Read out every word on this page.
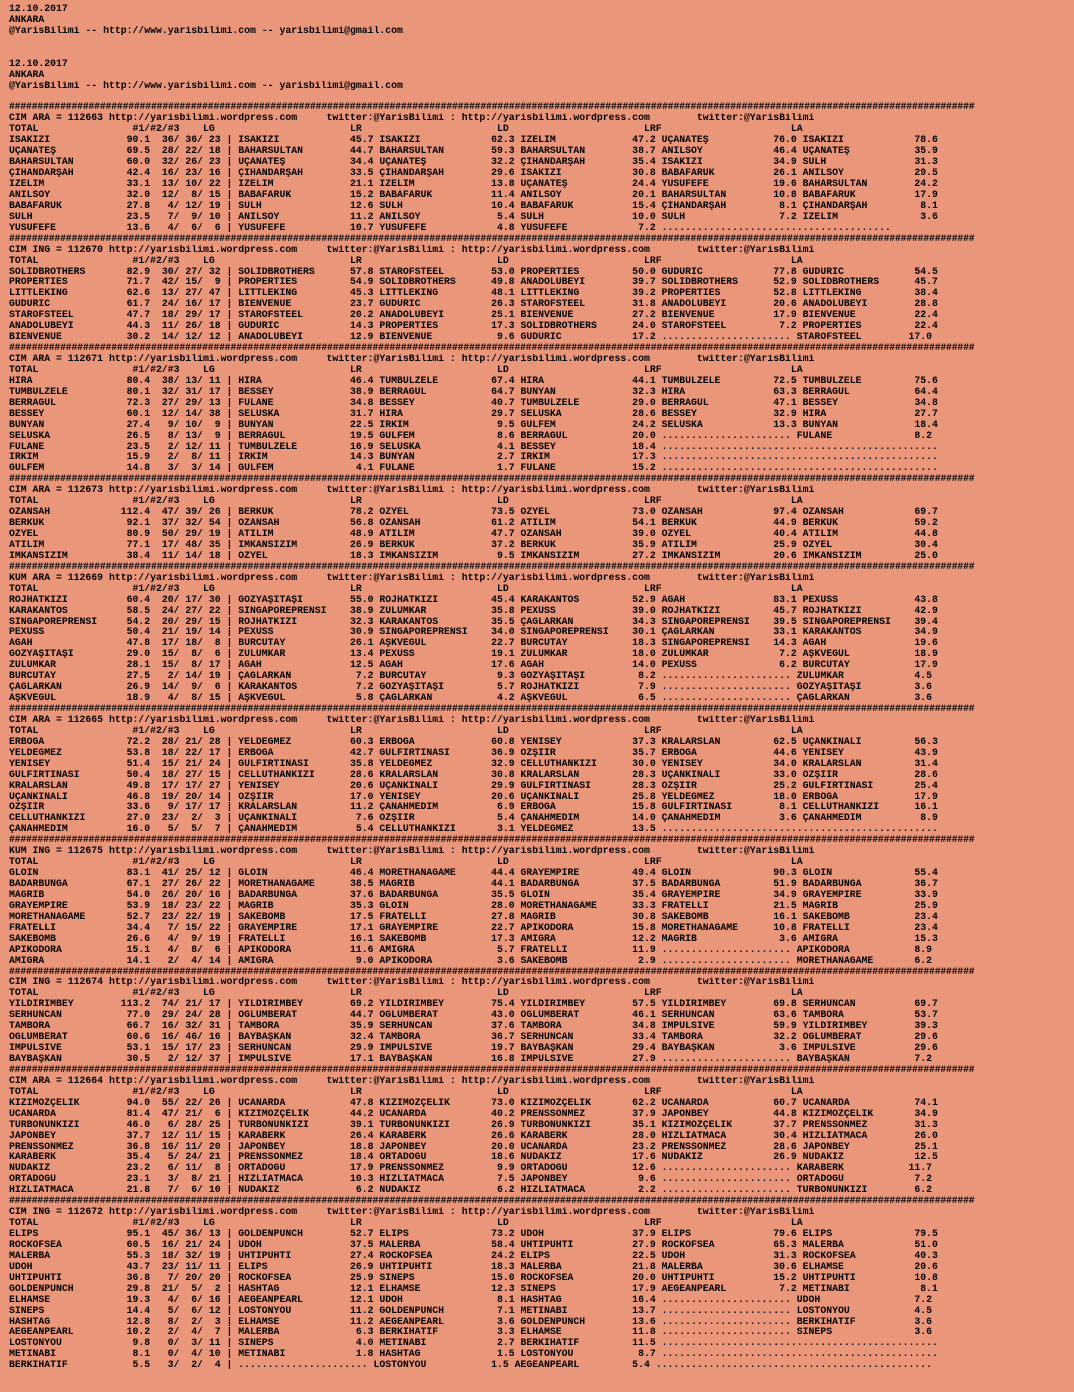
12.10.2017
ANKARA
@YarisBilimi -- http://www.yarisbilimi.com -- yarisbilimi@gmail.com
12.10.2017
ANKARA
@YarisBilimi -- http://www.yarisbilimi.com -- yarisbilimi@gmail.com
##########################################################################################################################################################################
CIM ARA = 112663 http://yarisbilimi.wordpress.com     twitter:@YarisBilimi : http://yarisbilimi.wordpress.com        twitter:@YarisBilimi
TOTAL                #1/#2/#3    LG                       LR                       LD                       LRF                      LA
İSAKIZI             90.1  36/ 36/ 23 | İSAKIZI            45.7 İSAKIZI            62.3 İZELİM             47.2 UÇANATEŞ           76.0 İSAKIZI            78.6
UÇANATEŞ            69.5  28/ 22/ 18 | BAHARSULTAN        44.7 BAHARSULTAN        59.3 BAHARSULTAN        38.7 ANILSOY            46.4 UÇANATEŞ           35.9
BAHARSULTAN         60.0  32/ 26/ 23 | UÇANATEŞ           34.4 UÇANATEŞ           32.2 ÇİHANDARŞAH        35.4 İSAKIZI            34.9 SULH               31.3
ÇİHANDARŞAH         42.4  16/ 23/ 16 | ÇİHANDARŞAH        33.5 ÇİHANDARŞAH        29.6 İSAKIZI            30.8 BABAFARUK          26.1 ANILSOY            29.5
İZELİM              33.1  13/ 10/ 22 | İZELİM             21.1 İZELİM             13.8 UÇANATEŞ           24.4 YUSUFEFE           19.6 BAHARSULTAN        24.2
ANILSOY             32.0  12/  8/ 15 | BABAFARUK          15.2 BABAFARUK          11.4 ANILSOY            20.1 BAHARSULTAN        10.8 BABAFARUK          17.9
BABAFARUK           27.8   4/ 12/ 19 | SULH               12.6 SULH               10.4 BABAFARUK          15.4 ÇİHANDARŞAH         8.1 ÇİHANDARŞAH         8.1
SULH                23.5   7/  9/ 10 | ANILSOY            11.2 ANILSOY             5.4 SULH               10.0 SULH                7.2 İZELİM              3.6
YUSUFEFE            13.6   4/  6/  6 | YUSUFEFE           10.7 YUSUFEFE            4.8 YUSUFEFE            7.2 .......................................
##########################################################################################################################################################################
CIM ING = 112670 http://yarisbilimi.wordpress.com     twitter:@YarisBilimi : http://yarisbilimi.wordpress.com        twitter:@YarisBilimi
TOTAL                #1/#2/#3    LG                       LR                       LD                       LRF                      LA
SOLIDBROTHERS       82.9  30/ 27/ 32 | SOLIDBROTHERS      57.8 STAROFSTEEL        53.0 PROPERTIES         50.0 GUDURIC            77.8 GUDURIC            54.5
PROPERTIES          71.7  42/ 15/  9 | PROPERTIES         54.9 SOLIDBROTHERS      49.8 ANADOLUBEYİ        39.7 SOLIDBROTHERS      52.9 SOLIDBROTHERS      45.7
LITTLEKING          62.6  13/ 27/ 47 | LITTLEKING         45.3 LITTLEKING         48.1 LITTLEKING         39.2 PROPERTIES         52.8 LITTLEKING         38.4
GUDURIC             61.7  24/ 16/ 17 | BIENVENUE          23.7 GUDURIC            26.3 STAROFSTEEL        31.8 ANADOLUBEYİ        20.6 ANADOLUBEYİ        28.8
STAROFSTEEL         47.7  18/ 29/ 17 | STAROFSTEEL        20.2 ANADOLUBEYİ        25.1 BIENVENUE          27.2 BIENVENUE          17.9 BIENVENUE          22.4
ANADOLUBEYİ         44.3  11/ 26/ 18 | GUDURIC            14.3 PROPERTIES         17.3 SOLIDBROTHERS      24.0 STAROFSTEEL         7.2 PROPERTIES         22.4
BIENVENUE           30.2  14/ 12/ 12 | ANADOLUBEYİ        12.9 BIENVENUE           9.6 GUDURIC            17.2 ...................... STAROFSTEEL        17.0
##########################################################################################################################################################################
CIM ARA = 112671 http://yarisbilimi.wordpress.com     twitter:@YarisBilimi : http://yarisbilimi.wordpress.com        twitter:@YarisBilimi
TOTAL                #1/#2/#3    LG                       LR                       LD                       LRF                      LA
HIRA                80.4  38/ 13/ 11 | HIRA               46.4 TUMBULZELE         67.4 HIRA               44.1 TUMBULZELE         72.5 TUMBULZELE         75.6
TUMBULZELE          80.1  32/ 31/ 17 | BESSEY             38.9 BERRAGÜL           64.7 BUNYAN             32.3 HIRA               63.3 BERRAGÜL           64.4
BERRAGÜL            72.3  27/ 29/ 13 | FULANE             34.8 BESSEY             40.7 TUMBULZELE         29.0 BERRAGÜL           47.1 BESSEY             34.8
BESSEY              60.1  12/ 14/ 38 | SELUSKA            31.7 HIRA               29.7 SELUSKA            28.6 BESSEY             32.9 HIRA               27.7
BUNYAN              27.4   9/ 10/  9 | BUNYAN             22.5 IRKIM               9.5 GULFEM             24.2 SELUSKA            13.3 BUNYAN             18.4
SELUSKA             26.5   8/ 13/  9 | BERRAGÜL           19.5 GULFEM              8.6 BERRAGÜL           20.0 ...................... FULANE              8.2
FULANE              23.5   2/ 12/ 11 | TUMBULZELE         16.9 SELUSKA             4.1 BESSEY             18.4 ...............................................
IRKIM               15.9   2/  8/ 11 | IRKIM              14.3 BUNYAN              2.7 IRKIM              17.3 ...............................................
GULFEM              14.8   3/  3/ 14 | GULFEM              4.1 FULANE              1.7 FULANE             15.2 ...............................................
##########################################################################################################################################################################
CIM ARA = 112673 http://yarisbilimi.wordpress.com     twitter:@YarisBilimi : http://yarisbilimi.wordpress.com        twitter:@YarisBilimi
TOTAL                #1/#2/#3    LG                       LR                       LD                       LRF                      LA
OZANSAH            112.4  47/ 39/ 26 | BERKUK             78.2 ÖZYEL              73.5 ÖZYEL              73.0 OZANSAH            97.4 OZANSAH            69.7
BERKUK              92.1  37/ 32/ 54 | OZANSAH            56.8 OZANSAH            61.2 ATILIM             54.1 BERKUK             44.9 BERKUK             59.2
ÖZYEL               80.9  50/ 29/ 19 | ATILIM             48.9 ATILIM             47.7 OZANSAH            39.0 ÖZYEL              40.4 ATILIM             44.8
ATILIM              77.1  17/ 48/ 35 | İMKANSIZIM         26.9 BERKUK             37.2 BERKUK             35.9 ATILIM             25.9 ÖZYEL              30.4
İMKANSIZIM          38.4  11/ 14/ 18 | ÖZYEL              18.3 İMKANSIZIM          9.5 İMKANSIZIM         27.2 İMKANSIZIM         20.6 İMKANSIZIM         25.0
##########################################################################################################################################################################
KUM ARA = 112669 http://yarisbilimi.wordpress.com     twitter:@YarisBilimi : http://yarisbilimi.wordpress.com        twitter:@YarisBilimi
TOTAL                #1/#2/#3    LG                       LR                       LD                       LRF                      LA
ROJHATKIZI          60.4  20/ 17/ 30 | GÖZYAŞITAŞI        55.0 ROJHATKIZI         45.4 KARAKANTOS         52.9 AGAH               83.1 PEXUSS             43.8
KARAKANTOS          58.5  24/ 27/ 22 | SINGAPOREPRENSİ    38.9 ZULUMKAR           35.8 PEXUSS             39.0 ROJHATKIZI         45.7 ROJHATKIZI         42.9
SINGAPOREPRENSİ     54.2  20/ 29/ 15 | ROJHATKIZI         32.3 KARAKANTOS         35.5 ÇAĞLARKAN          34.3 SINGAPOREPRENSİ    39.5 SINGAPOREPRENSİ    39.4
PEXUSS              50.4  21/ 19/ 14 | PEXUSS             30.9 SINGAPOREPRENSİ    34.0 SINGAPOREPRENSİ    30.1 ÇAĞLARKAN          33.1 KARAKANTOS         34.9
AGAH                47.8  17/ 18/  8 | BURCUTAY           26.1 AŞKVEGÜL           22.7 BURCUTAY           18.3 SINGAPOREPRENSİ    14.3 AGAH               19.6
GÖZYAŞITAŞI         29.0  15/  8/  6 | ZULUMKAR           13.4 PEXUSS             19.1 ZULUMKAR           18.0 ZULUMKAR            7.2 AŞKVEGÜL           18.9
ZULUMKAR            28.1  15/  8/ 17 | AGAH               12.5 AGAH               17.6 AGAH               14.0 PEXUSS              6.2 BURCUTAY           17.9
BURCUTAY            27.5   2/ 14/ 19 | ÇAĞLARKAN           7.2 BURCUTAY            9.3 GÖZYAŞITAŞI         8.2 ...................... ZULUMKAR            4.5
ÇAĞLARKAN           26.9  14/  9/  6 | KARAKANTOS          7.2 GÖZYAŞITAŞI         5.7 ROJHATKIZI          7.9 ...................... GÖZYAŞITAŞI         3.6
AŞKVEGÜL            18.9   4/  8/ 15 | AŞKVEGÜL            5.8 ÇAĞLARKAN           4.2 AŞKVEGÜL            6.5 ...................... ÇAĞLARKAN           3.6
##########################################################################################################################################################################
CIM ARA = 112665 http://yarisbilimi.wordpress.com     twitter:@YarisBilimi : http://yarisbilimi.wordpress.com        twitter:@YarisBilimi
TOTAL                #1/#2/#3    LG                       LR                       LD                       LRF                      LA
ERBOGA              72.2  28/ 21/ 28 | YELDEGMEZ          60.3 ERBOGA             60.8 YENİSEY            37.3 KRALARSLAN         62.5 UÇANKINALI         56.3
YELDEGMEZ           53.8  18/ 22/ 17 | ERBOGA             42.7 GULFIRTINASI       36.9 ÖZŞİİR             35.7 ERBOGA             44.6 YENİSEY            43.9
YENİSEY             51.4  15/ 21/ 24 | GULFIRTINASI       35.8 YELDEGMEZ          32.9 CELLUTHANKIZI      30.0 YENİSEY            34.0 KRALARSLAN         31.4
GULFIRTINASI        50.4  18/ 27/ 15 | CELLUTHANKIZI      28.6 KRALARSLAN         30.8 KRALARSLAN         28.3 UÇANKINALI         33.0 ÖZŞİİR             28.6
KRALARSLAN          49.8  17/ 17/ 27 | YENİSEY            20.6 UÇANKINALI         29.9 GULFIRTINASI       28.3 ÖZŞİİR             25.2 GULFIRTINASI       25.4
UÇANKINALI          46.8  19/ 20/ 14 | ÖZŞİİR             17.0 YENİSEY            20.6 UÇANKINALI         25.8 YELDEGMEZ          18.0 ERBOGA             17.9
ÖZŞİİR              33.6   9/ 17/ 17 | KRALARSLAN         11.2 ÇANAHMEDİM          6.9 ERBOGA             15.8 GULFIRTINASI        8.1 CELLUTHANKIZI      16.1
CELLUTHANKIZI       27.0  23/  2/  3 | UÇANKINALI          7.6 ÖZŞİİR              5.4 ÇANAHMEDİM         14.0 ÇANAHMEDİM          3.6 ÇANAHMEDİM          8.9
ÇANAHMEDİM          16.0   5/  5/  7 | ÇANAHMEDİM          5.4 CELLUTHANKIZI       3.1 YELDEGMEZ          13.5 ...............................................
##########################################################################################################################################################################
KUM ING = 112675 http://yarisbilimi.wordpress.com     twitter:@YarisBilimi : http://yarisbilimi.wordpress.com        twitter:@YarisBilimi
TOTAL                #1/#2/#3    LG                       LR                       LD                       LRF                      LA
GLOIN               83.1  41/ 25/ 12 | GLOIN              46.4 MORETHANAGAME      44.4 GRAYEMPIRE         49.4 GLOIN              90.3 GLOIN              55.4
BADARBUNGA          67.1  27/ 26/ 22 | MORETHANAGAME      38.5 MAGRIB             44.1 BADARBUNGA         37.5 BADARBUNGA         51.9 BADARBUNGA         36.7
MAGRIB              54.0  26/ 20/ 16 | BADARBUNGA         37.6 BADARBUNGA         35.5 GLOIN              35.4 GRAYEMPIRE         34.9 GRAYEMPIRE         33.9
GRAYEMPIRE          53.9  18/ 23/ 22 | MAGRIB             35.3 GLOIN              28.0 MORETHANAGAME      33.3 FRATELLI           21.5 MAGRIB             25.9
MORETHANAGAME       52.7  23/ 22/ 19 | SAKEBOMB           17.5 FRATELLI           27.8 MAGRIB             30.8 SAKEBOMB           16.1 SAKEBOMB           23.4
FRATELLI            34.4   7/ 15/ 22 | GRAYEMPIRE         17.1 GRAYEMPIRE         22.7 APIKODORA          15.8 MORETHANAGAME      10.8 FRATELLI           23.4
SAKEBOMB            26.6   4/  9/ 19 | FRATELLI           16.1 SAKEBOMB           17.3 AMIGRA             12.2 MAGRIB              3.6 AMIGRA             15.3
APIKODORA           15.1   4/  8/  6 | APIKODORA          11.6 AMIGRA              5.7 FRATELLI           11.9 ...................... APIKODORA           8.9
AMIGRA              14.1   2/  4/ 14 | AMIGRA              9.0 APIKODORA           3.6 SAKEBOMB            2.9 ...................... MORETHANAGAME       6.2
##########################################################################################################################################################################
CIM ING = 112674 http://yarisbilimi.wordpress.com     twitter:@YarisBilimi : http://yarisbilimi.wordpress.com        twitter:@YarisBilimi
TOTAL                #1/#2/#3    LG                       LR                       LD                       LRF                      LA
YILDIRIMBEY        113.2  74/ 21/ 17 | YILDIRIMBEY        69.2 YILDIRIMBEY        75.4 YILDIRIMBEY        57.5 YILDIRIMBEY        69.8 SERHUNCAN          69.7
SERHUNCAN           77.0  29/ 24/ 28 | OGLUMBERAT         44.7 OGLUMBERAT         43.0 OGLUMBERAT         46.1 SERHUNCAN          63.6 TAMBORA            53.7
TAMBORA             66.7  16/ 32/ 31 | TAMBORA            35.9 SERHUNCAN          37.6 TAMBORA            34.8 IMPULSIVE          59.9 YILDIRIMBEY        39.3
OGLUMBERAT          60.6  16/ 46/ 16 | BAYBAŞKAN          32.4 TAMBORA            36.7 SERHUNCAN          33.4 TAMBORA            32.2 OGLUMBERAT         29.6
IMPULSIVE           53.1  15/ 17/ 23 | SERHUNCAN          29.9 IMPULSIVE          19.7 BAYBAŞKAN          29.4 BAYBAŞKAN           3.6 IMPULSIVE          29.6
BAYBAŞKAN           30.5   2/ 12/ 37 | IMPULSIVE          17.1 BAYBAŞKAN          16.8 IMPULSIVE          27.9 ...................... BAYBAŞKAN           7.2
##########################################################################################################################################################################
CIM ARA = 112664 http://yarisbilimi.wordpress.com     twitter:@YarisBilimi : http://yarisbilimi.wordpress.com        twitter:@YarisBilimi
TOTAL                #1/#2/#3    LG                       LR                       LD                       LRF                      LA
KIZIMÖZÇELİK        94.0  55/ 22/ 26 | UCANARDA           47.8 KIZIMÖZÇELİK       73.0 KIZIMÖZÇELİK       62.2 UCANARDA           60.7 UCANARDA           74.1
UCANARDA            81.4  47/ 21/  6 | KIZIMÖZÇELİK       44.2 UCANARDA           40.2 PRENSSONMEZ        37.9 JAPONBEY           44.8 KIZIMÖZÇELİK       34.9
TURBONUNKIZI        46.0   6/ 28/ 25 | TURBONUNKIZI       39.1 TURBONUNKIZI       26.9 TURBONUNKIZI       35.1 KIZIMÖZÇELİK       37.7 PRENSSONMEZ        31.3
JAPONBEY            37.7  12/ 11/ 15 | KARABERK           26.4 KARABERK           26.6 KARABERK           28.0 HIZLIATMACA        30.4 HIZLIATMACA        26.0
PRENSSONMEZ         36.8  16/ 11/ 20 | JAPONBEY           18.8 JAPONBEY           20.0 UCANARDA           23.2 PRENSSONMEZ        28.6 JAPONBEY           25.1
KARABERK            35.4   5/ 24/ 21 | PRENSSONMEZ        18.4 ORTADOGU           18.6 NUDAKIZ            17.6 NUDAKIZ            26.9 NUDAKIZ            12.5
NUDAKIZ             23.2   6/ 11/  8 | ORTADOGU           17.9 PRENSSONMEZ         9.9 ORTADOGU           12.6 ...................... KARABERK           11.7
ORTADOGU            23.1   3/  8/ 21 | HIZLIATMACA        10.3 HIZLIATMACA         7.5 JAPONBEY            9.6 ...................... ORTADOGU            7.2
HIZLIATMACA         21.8   7/  6/ 10 | NUDAKIZ             6.2 NUDAKIZ             6.2 HIZLIATMACA         2.2 ...................... TURBONUNKIZI        6.2
##########################################################################################################################################################################
CIM ING = 112672 http://yarisbilimi.wordpress.com     twitter:@YarisBilimi : http://yarisbilimi.wordpress.com        twitter:@YarisBilimi
TOTAL                #1/#2/#3    LG                       LR                       LD                       LRF                      LA
ELIPS               95.1  45/ 36/ 13 | GOLDENPUNCH        52.7 ELIPS              73.2 UDOH               37.9 ELIPS              79.6 ELIPS              79.5
ROCKOFSEA           60.5  16/ 21/ 24 | UDOH               37.5 MALERBA            58.4 UHTIPUHTI          27.9 ROCKOFSEA          65.3 MALERBA            51.0
MALERBA             55.3  18/ 32/ 19 | UHTIPUHTI          27.4 ROCKOFSEA          24.2 ELIPS              22.5 UDOH               31.3 ROCKOFSEA          40.3
UDOH                43.7  23/ 11/ 11 | ELIPS              26.9 UHTIPUHTI          18.3 MALERBA            21.8 MALERBA            30.6 ELHAMSE            20.6
UHTIPUHTI           36.8   7/ 20/ 20 | ROCKOFSEA          25.9 SINEPS             15.0 ROCKOFSEA          20.0 UHTIPUHTI          15.2 UHTIPUHTI          10.8
GOLDENPUNCH         29.8  21/  5/  2 | HASHTAG            12.1 ELHAMSE            12.3 SINEPS             17.9 AEGEANPEARL         7.2 METINABI            8.1
ELHAMSE             19.3   4/  6/ 16 | AEGEANPEARL        12.1 UDOH                8.1 HASHTAG            16.4 ...................... UDOH                7.2
SINEPS              14.4   5/  6/ 12 | LOSTONYOU          11.2 GOLDENPUNCH         7.1 METINABI           13.7 ...................... LOSTONYOU           4.5
HASHTAG             12.8   8/  2/  3 | ELHAMSE            11.2 AEGEANPEARL         3.6 GOLDENPUNCH        13.6 ...................... BERKIHATIF          3.6
AEGEANPEARL         10.2   2/  4/  7 | MALERBA             6.3 BERKIHATIF          3.3 ELHAMSE            11.8 ...................... SINEPS              3.6
LOSTONYOU            9.8   0/  3/ 11 | SINEPS              4.0 METINABI            2.7 BERKIHATIF         11.5 ...............................................
METINABI             8.1   0/  4/ 10 | METINABI            1.8 HASHTAG             1.5 LOSTONYOU           8.7 ...............................................
BERKIHATIF           5.5   3/  2/  4 | ...................... LOSTONYOU           1.5 AEGEANPEARL         5.4 ...............................................
